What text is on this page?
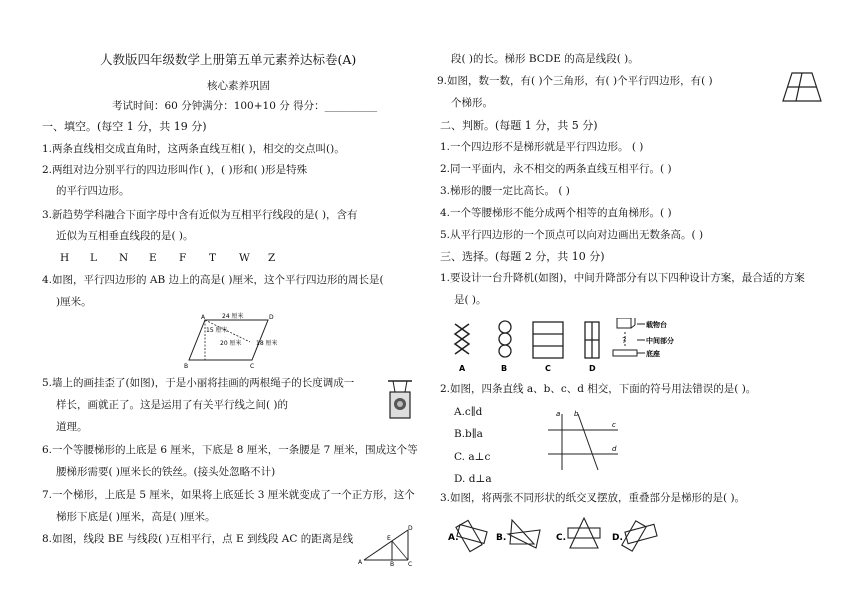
人教版四年级数学上册第五单元素养达标卷(A)
核心素养巩固
考试时间：60 分钟满分：100+10 分 得分：__________
一、填空。(每空 1 分，共 19 分)
1.两条直线相交成直角时，这两条直线互相( )，相交的交点叫()。
2.两组对边分别平行的四边形叫作( )，( )形和( )形是特殊
的平行四边形。
3.新趋势学科融合下面字母中含有近似为互相平行线段的是( )，含有
近似为互相垂直线段的是( )。
H L N E F T W Z
4.如图，平行四边形的 AB 边上的高是( )厘米，这个平行四边形的周长是(
)厘米。
24 厘米
15 厘米
20 厘米 18 厘米
A
B	C
D
5.墙上的画挂歪了(如图)，于是小丽将挂画的两根绳子的长度调成一
样长，画就正了。这是运用了有关平行线之间( )的
道理。
6.一个等腰梯形的上底是 6 厘米，下底是 8 厘米，一条腰是 7 厘米，围成这个等
腰梯形需要( )厘米长的铁丝。(接头处忽略不计)
7.一个梯形，上底是 5 厘米，如果将上底延长 3 厘米就变成了一个正方形，这个
梯形下底是( )厘米，高是( )厘米。
8.如图，线段 BE 与线段( )互相平行，点 E 到线段 AC 的距离是线
A	B C
D
E
段( )的长。梯形 BCDE 的高是线段( )。
9.如图，数一数，有( )个三角形，有( )个平行四边形，有( )
个梯形。
二、判断。(每题 1 分，共 5 分)
1.一个四边形不是梯形就是平行四边形。 ( )
2.同一平面内，永不相交的两条直线互相平行。( )
3.梯形的腰一定比高长。 ( )
4.一个等腰梯形不能分成两个相等的直角梯形。( )
5.从平行四边形的一个顶点可以向对边画出无数条高。( )
三、选择。(每题 2 分，共 10 分)
1.要设计一台升降机(如图)，中间升降部分有以下四种设计方案，最合适的方案
是( )。
A	B	C	D
?
载物台
中间部分
底座
2.如图，四条直线 a、b、c、d 相交，下面的符号用法错误的是( )。
A.c∥d
B.b∥a
C. a⊥c
D. d⊥a
a b
c
d
3.如图，将两张不同形状的纸交叉摆放，重叠部分是梯形的是( )。
A.	B.	C.	D.
